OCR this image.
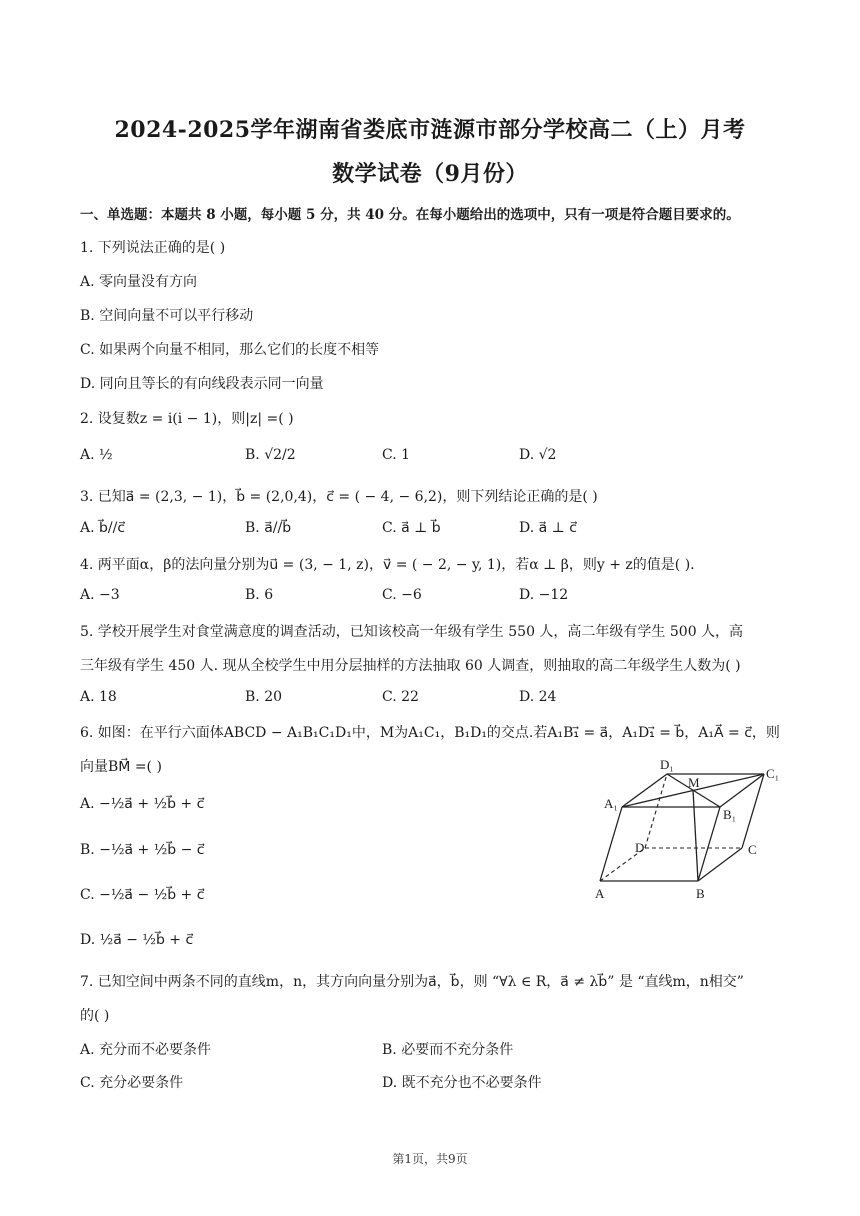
2024-2025学年湖南省娄底市涟源市部分学校高二（上）月考
数学试卷（9月份）
一、单选题：本题共 8 小题，每小题 5 分，共 40 分。在每小题给出的选项中，只有一项是符合题目要求的。
1. 下列说法正确的是( )
A. 零向量没有方向
B. 空间向量不可以平行移动
C. 如果两个向量不相同，那么它们的长度不相等
D. 同向且等长的有向线段表示同一向量
2. 设复数z = i(i − 1)，则|z| =( )
A. ½	B. √2/2	C. 1	D. √2
3. 已知a⃗ = (2,3, − 1)，b⃗ = (2,0,4)，c⃗ = ( − 4, − 6,2)，则下列结论正确的是( )
A. b⃗//c⃗	B. a⃗//b⃗	C. a⃗ ⊥ b⃗	D. a⃗ ⊥ c⃗
4. 两平面α，β的法向量分别为u⃗ = (3, − 1, z)，v⃗ = ( − 2, − y, 1)，若α ⊥ β，则y + z的值是( ).
A. −3	B. 6	C. −6	D. −12
5. 学校开展学生对食堂满意度的调查活动，已知该校高一年级有学生 550 人，高二年级有学生 500 人，高
三年级有学生 450 人. 现从全校学生中用分层抽样的方法抽取 60 人调查，则抽取的高二年级学生人数为( )
A. 18	B. 20	C. 22	D. 24
6. 如图：在平行六面体ABCD − A₁B₁C₁D₁中，M为A₁C₁，B₁D₁的交点.若A₁B₁⃗ = a⃗，A₁D₁⃗ = b⃗，A₁A⃗ = c⃗，则
向量BM⃗ =( )
A. −½a⃗ + ½b⃗ + c⃗
B. −½a⃗ + ½b⃗ − c⃗
C. −½a⃗ − ½b⃗ + c⃗
D. ½a⃗ − ½b⃗ + c⃗
D₁
M
C₁
A₁
B₁
D	C
A	B
7. 已知空间中两条不同的直线m，n，其方向向量分别为a⃗，b⃗，则 “∀λ ∈ R，a⃗ ≠ λb⃗” 是 “直线m，n相交”
的( )
A. 充分而不必要条件	B. 必要而不充分条件
C. 充分必要条件	D. 既不充分也不必要条件
第1页，共9页
